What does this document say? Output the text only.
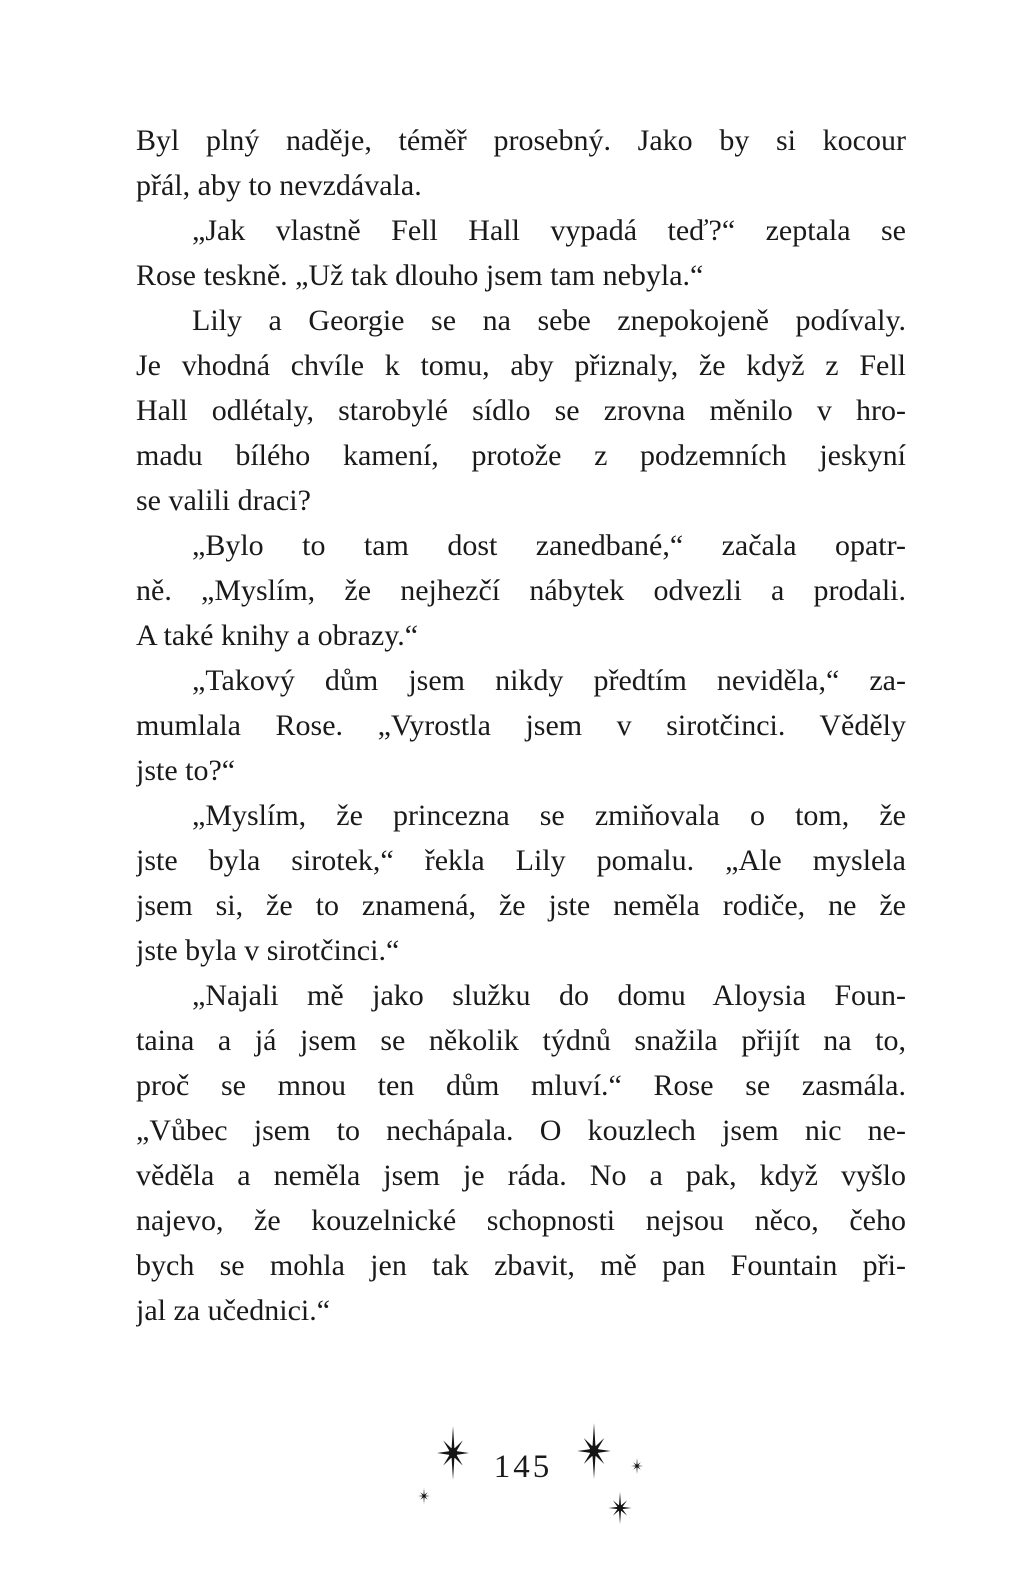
Byl plný naděje, téměř prosebný. Jako by si kocour
přál, aby to nevzdávala.
„Jak vlastně Fell Hall vypadá teď?“ zeptala se
Rose teskně. „Už tak dlouho jsem tam nebyla.“
Lily a Georgie se na sebe znepokojeně podívaly.
Je vhodná chvíle k tomu, aby přiznaly, že když z Fell
Hall odlétaly, starobylé sídlo se zrovna měnilo v hro-
madu bílého kamení, protože z podzemních jeskyní
se valili draci?
„Bylo to tam dost zanedbané,“ začala opatr-
ně. „Myslím, že nejhezčí nábytek odvezli a prodali.
A také knihy a obrazy.“
„Takový dům jsem nikdy předtím neviděla,“ za-
mumlala Rose. „Vyrostla jsem v sirotčinci. Věděly
jste to?“
„Myslím, že princezna se zmiňovala o tom, že
jste byla sirotek,“ řekla Lily pomalu. „Ale myslela
jsem si, že to znamená, že jste neměla rodiče, ne že
jste byla v sirotčinci.“
„Najali mě jako služku do domu Aloysia Foun-
taina a já jsem se několik týdnů snažila přijít na to,
proč se mnou ten dům mluví.“ Rose se zasmála.
„Vůbec jsem to nechápala. O kouzlech jsem nic ne-
věděla a neměla jsem je ráda. No a pak, když vyšlo
najevo, že kouzelnické schopnosti nejsou něco, čeho
bych se mohla jen tak zbavit, mě pan Fountain při-
jal za učednici.“
145
